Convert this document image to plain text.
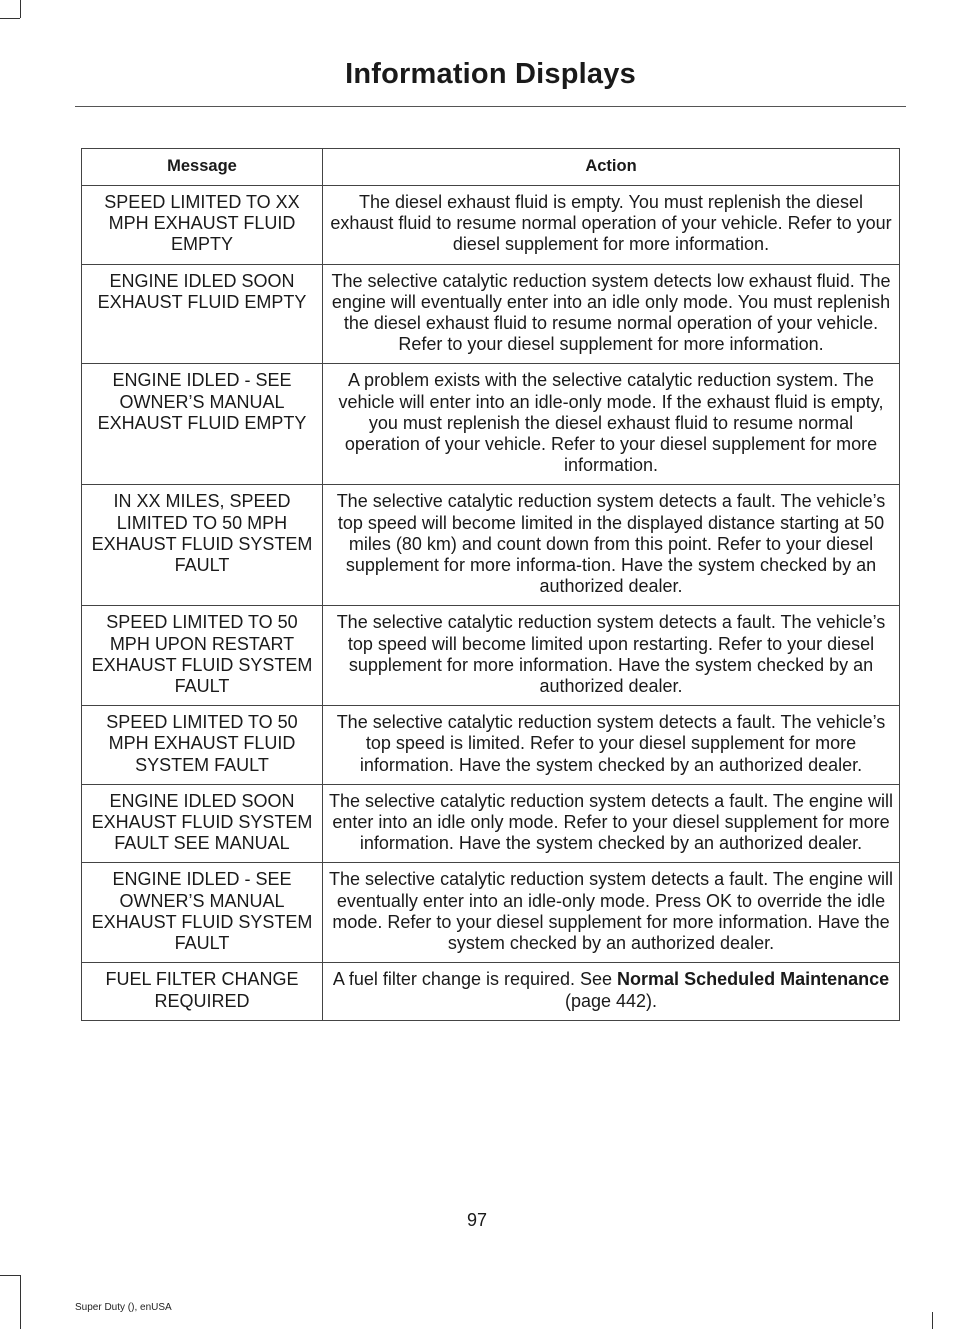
Information Displays
Message	Action
SPEED LIMITED TO XX MPH EXHAUST FLUID EMPTY	The diesel exhaust fluid is empty. You must replenish the diesel exhaust fluid to resume normal operation of your vehicle. Refer to your diesel supplement for more information.
ENGINE IDLED SOON EXHAUST FLUID EMPTY	The selective catalytic reduction system detects low exhaust fluid. The engine will eventually enter into an idle only mode. You must replenish the diesel exhaust fluid to resume normal operation of your vehicle. Refer to your diesel supplement for more information.
ENGINE IDLED - SEE OWNER’S MANUAL EXHAUST FLUID EMPTY	A problem exists with the selective catalytic reduction system. The vehicle will enter into an idle-only mode. If the exhaust fluid is empty, you must replenish the diesel exhaust fluid to resume normal operation of your vehicle. Refer to your diesel supplement for more information.
IN XX MILES, SPEED LIMITED TO 50 MPH EXHAUST FLUID SYSTEM FAULT	The selective catalytic reduction system detects a fault. The vehicle’s top speed will become limited in the displayed distance starting at 50 miles (80 km) and count down from this point. Refer to your diesel supplement for more informa-tion. Have the system checked by an authorized dealer.
SPEED LIMITED TO 50 MPH UPON RESTART EXHAUST FLUID SYSTEM FAULT	The selective catalytic reduction system detects a fault. The vehicle’s top speed will become limited upon restarting. Refer to your diesel supplement for more information. Have the system checked by an authorized dealer.
SPEED LIMITED TO 50 MPH EXHAUST FLUID SYSTEM FAULT	The selective catalytic reduction system detects a fault. The vehicle’s top speed is limited. Refer to your diesel supplement for more information. Have the system checked by an authorized dealer.
ENGINE IDLED SOON EXHAUST FLUID SYSTEM FAULT SEE MANUAL	The selective catalytic reduction system detects a fault. The engine will enter into an idle only mode. Refer to your diesel supplement for more information. Have the system checked by an authorized dealer.
ENGINE IDLED - SEE OWNER’S MANUAL EXHAUST FLUID SYSTEM FAULT	The selective catalytic reduction system detects a fault. The engine will eventually enter into an idle-only mode. Press OK to override the idle mode. Refer to your diesel supplement for more information. Have the system checked by an authorized dealer.
FUEL FILTER CHANGE REQUIRED	A fuel filter change is required. See Normal Scheduled Maintenance (page 442).
97
Super Duty (), enUSA
